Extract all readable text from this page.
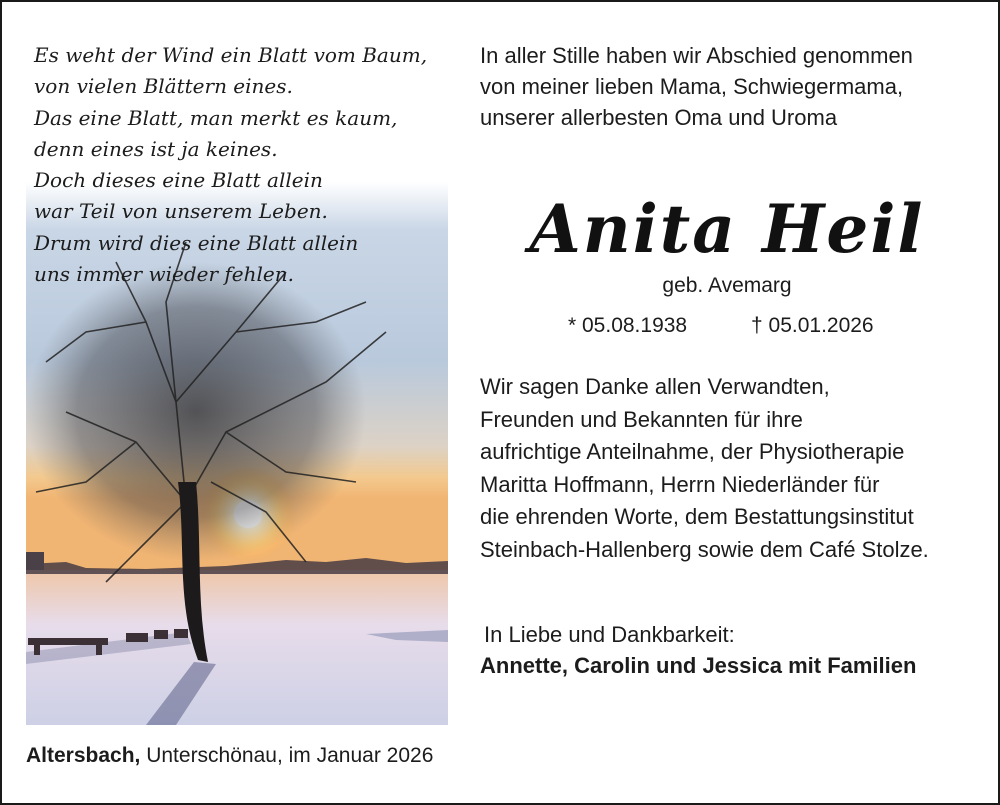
Es weht der Wind ein Blatt vom Baum,
von vielen Blättern eines.
Das eine Blatt, man merkt es kaum,
denn eines ist ja keines.
Doch dieses eine Blatt allein
war Teil von unserem Leben.
Drum wird dies eine Blatt allein
uns immer wieder fehlen.
In aller Stille haben wir Abschied genommen
von meiner lieben Mama, Schwiegermama,
unserer allerbesten Oma und Uroma
Anita Heil
geb. Avemarg
* 05.08.1938	† 05.01.2026
Wir sagen Danke allen Verwandten,
Freunden und Bekannten für ihre
aufrichtige Anteilnahme, der Physiotherapie
Maritta Hoffmann, Herrn Niederländer für
die ehrenden Worte, dem Bestattungsinstitut
Steinbach-Hallenberg sowie dem Café Stolze.
In Liebe und Dankbarkeit:
Annette, Carolin und Jessica mit Familien
Altersbach, Unterschönau, im Januar 2026
